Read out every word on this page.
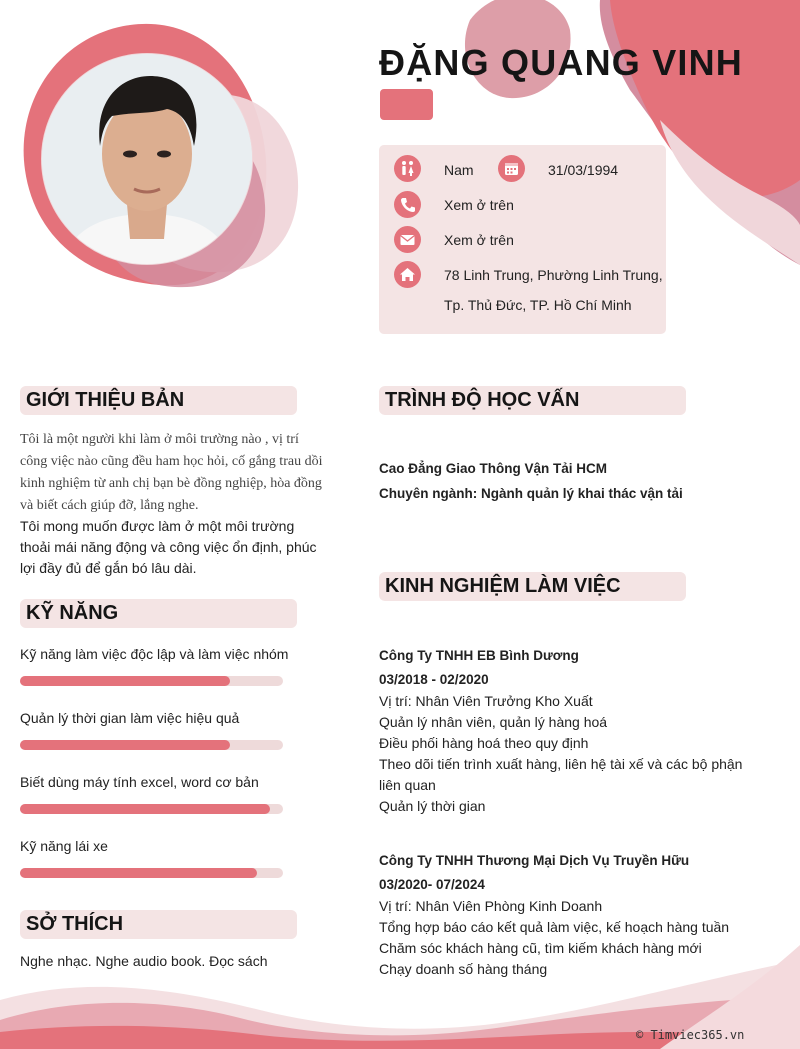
ĐẶNG QUANG VINH
Nam	31/03/1994
Xem ở trên
Xem ở trên
78 Linh Trung, Phường Linh Trung,
Tp. Thủ Đức, TP. Hồ Chí Minh
GIỚI THIỆU BẢN
Tôi là một người khi làm ở môi trường nào , vị trí công việc nào cũng đều ham học hỏi, cố gắng trau dồi kinh nghiệm từ anh chị bạn bè đồng nghiệp, hòa đồng và biết cách giúp đỡ, lắng nghe.
Tôi mong muốn được làm ở một môi trường thoải mái năng động và công việc ổn định, phúc lợi đầy đủ để gắn bó lâu dài.
KỸ NĂNG
Kỹ năng làm việc độc lập và làm việc nhóm
Quản lý thời gian làm việc hiệu quả
Biết dùng máy tính excel, word cơ bản
Kỹ năng lái xe
SỞ THÍCH
Nghe nhạc. Nghe audio book. Đọc sách
TRÌNH ĐỘ HỌC VẤN
Cao Đẳng Giao Thông Vận Tải HCM
Chuyên ngành: Ngành quản lý khai thác vận tải
KINH NGHIỆM LÀM VIỆC
Công Ty TNHH EB Bình Dương
03/2018 - 02/2020
Vị trí: Nhân Viên Trưởng Kho Xuất
Quản lý nhân viên, quản lý hàng hoá
Điều phối hàng hoá theo quy định
Theo dõi tiến trình xuất hàng, liên hệ tài xế và các bộ phận
liên quan
Quản lý thời gian
Công Ty TNHH Thương Mại Dịch Vụ Truyền Hữu
03/2020- 07/2024
Vị trí: Nhân Viên Phòng Kinh Doanh
Tổng hợp báo cáo kết quả làm việc, kế hoạch hàng tuần
Chăm sóc khách hàng cũ, tìm kiếm khách hàng mới
Chạy doanh số hàng tháng
© Timviec365.vn
